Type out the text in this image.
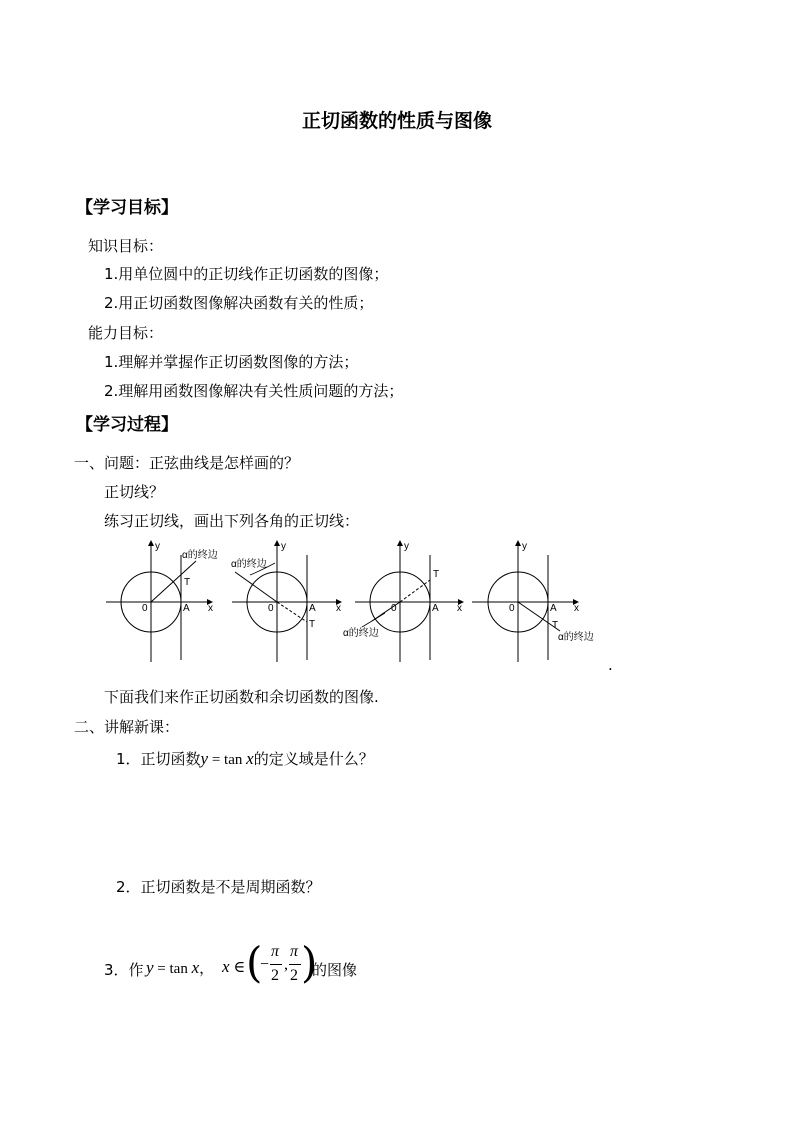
正切函数的性质与图像
【学习目标】
知识目标：
1.用单位圆中的正切线作正切函数的图像；
2.用正切函数图像解决函数有关的性质；
能力目标：
1.理解并掌握作正切函数图像的方法；
2.理解用函数图像解决有关性质问题的方法；
【学习过程】
一、问题：正弦曲线是怎样画的？
正切线？
练习正切线，画出下列各角的正切线：
y
x
0	A
T
α的终边
y
x
0	A
T
α的终边
y
x
0	A
T
α的终边
y
x
0	A
T
α的终边
.
下面我们来作正切函数和余切函数的图像.
二、讲解新课：
1．正切函数y = tan x的定义域是什么？
2．正切函数是不是周期函数？
3．作 y = tan x， x ∈ (
−
π
2
,
π
2 )
的图像
